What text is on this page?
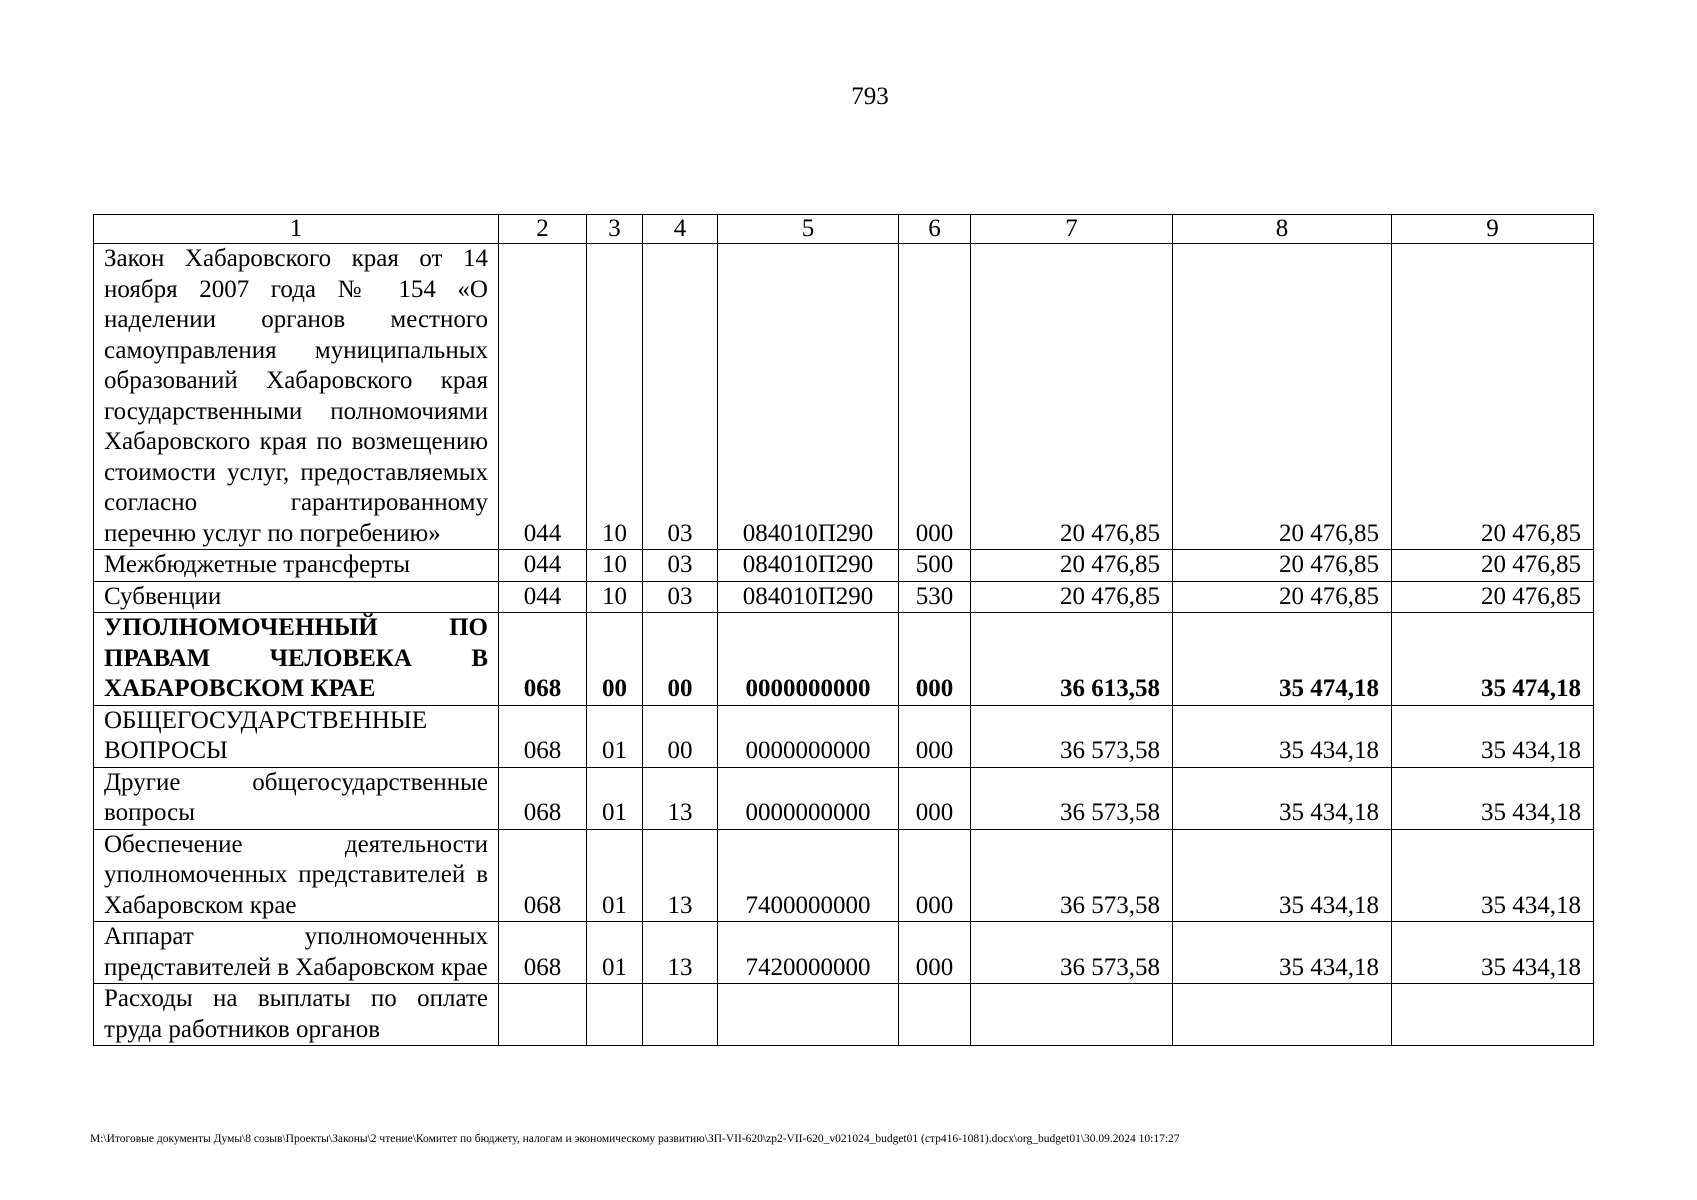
793
1	2	3	4	5	6	7	8	9
Закон Хабаровского края от 14 ноября 2007 года № 154 «О наделении органов местного самоуправления муниципальных образований Хабаровского края государственными полномочиями Хабаровского края по возмещению стоимости услуг, предоставляемых согласно гарантированному перечню услуг по погребению»	044	10	03	084010П290	000	20 476,85	20 476,85	20 476,85
Межбюджетные трансферты	044	10	03	084010П290	500	20 476,85	20 476,85	20 476,85
Субвенции	044	10	03	084010П290	530	20 476,85	20 476,85	20 476,85
УПОЛНОМОЧЕННЫЙ ПО ПРАВАМ ЧЕЛОВЕКА В ХАБАРОВСКОМ КРАЕ	068	00	00	0000000000	000	36 613,58	35 474,18	35 474,18
ОБЩЕГОСУДАРСТВЕННЫЕ ВОПРОСЫ	068	01	00	0000000000	000	36 573,58	35 434,18	35 434,18
Другие общегосударственные вопросы	068	01	13	0000000000	000	36 573,58	35 434,18	35 434,18
Обеспечение деятельности уполномоченных представителей в Хабаровском крае	068	01	13	7400000000	000	36 573,58	35 434,18	35 434,18
Аппарат уполномоченных представителей в Хабаровском крае	068	01	13	7420000000	000	36 573,58	35 434,18	35 434,18
Расходы на выплаты по оплате труда работников органов								
М:\Итоговые документы Думы\8 созыв\Проекты\Законы\2 чтение\Комитет по бюджету, налогам и экономическому развитию\ЗП-VII-620\zp2-VII-620_v021024_budget01 (стр416-1081).docx\org_budget01\30.09.2024 10:17:27
